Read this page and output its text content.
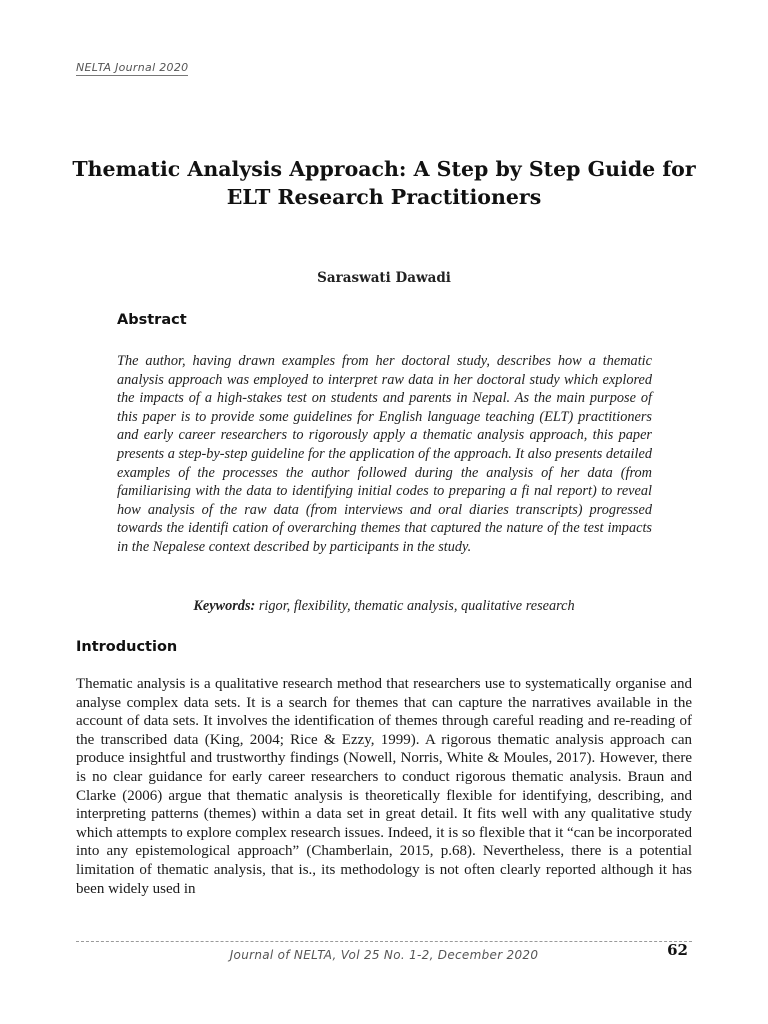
NELTA Journal 2020
Thematic Analysis Approach: A Step by Step Guide for ELT Research Practitioners
Saraswati Dawadi
Abstract

The author, having drawn examples from her doctoral study, describes how a thematic analysis approach was employed to interpret raw data in her doctoral study which explored the impacts of a high-stakes test on students and parents in Nepal. As the main purpose of this paper is to provide some guidelines for English language teaching (ELT) practitioners and early career researchers to rigorously apply a thematic analysis approach, this paper presents a step-by-step guideline for the application of the approach. It also presents detailed examples of the processes the author followed during the analysis of her data (from familiarising with the data to identifying initial codes to preparing a fi nal report) to reveal how analysis of the raw data (from interviews and oral diaries transcripts) progressed towards the identifi cation of overarching themes that captured the nature of the test impacts in the Nepalese context described by participants in the study.

Keywords: rigor, flexibility, thematic analysis, qualitative research
Introduction

Thematic analysis is a qualitative research method that researchers use to systematically organise and analyse complex data sets. It is a search for themes that can capture the narratives available in the account of data sets. It involves the identification of themes through careful reading and re-reading of the transcribed data (King, 2004; Rice & Ezzy, 1999). A rigorous thematic analysis approach can produce insightful and trustworthy findings (Nowell, Norris, White & Moules, 2017). However, there is no clear guidance for early career researchers to conduct rigorous thematic analysis. Braun and Clarke (2006) argue that thematic analysis is theoretically flexible for identifying, describing, and interpreting patterns (themes) within a data set in great detail. It fits well with any qualitative study which attempts to explore complex research issues. Indeed, it is so flexible that it “can be incorporated into any epistemological approach” (Chamberlain, 2015, p.68). Nevertheless, there is a potential limitation of thematic analysis, that is., its methodology is not often clearly reported although it has been widely used in

Journal of NELTA, Vol 25 No. 1-2, December 2020	62
